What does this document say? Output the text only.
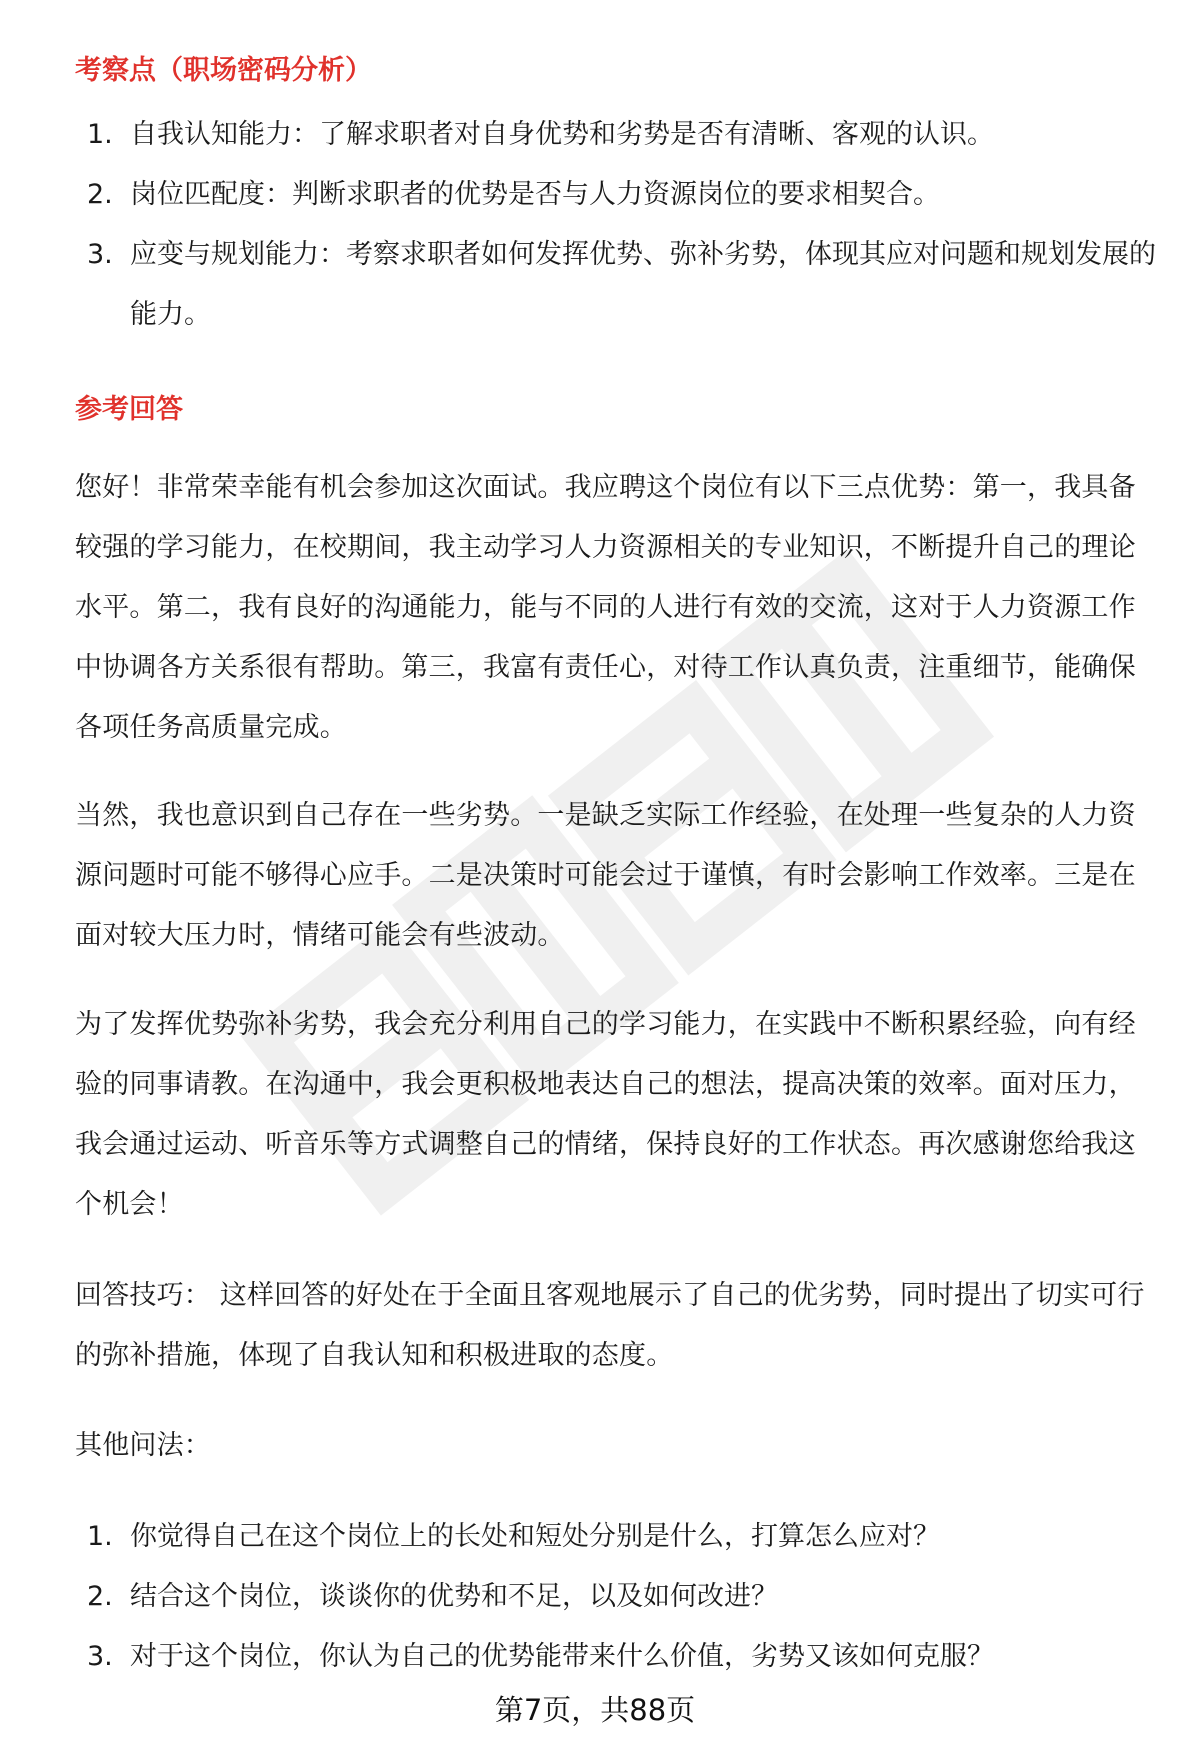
考察点（职场密码分析）
1. 自我认知能力：了解求职者对自身优势和劣势是否有清晰、客观的认识。
2. 岗位匹配度：判断求职者的优势是否与人力资源岗位的要求相契合。
3. 应变与规划能力：考察求职者如何发挥优势、弥补劣势，体现其应对问题和规划发展的能力。
参考回答

您好！非常荣幸能有机会参加这次面试。我应聘这个岗位有以下三点优势：第一，我具备较强的学习能力，在校期间，我主动学习人力资源相关的专业知识，不断提升自己的理论水平。第二，我有良好的沟通能力，能与不同的人进行有效的交流，这对于人力资源工作中协调各方关系很有帮助。第三，我富有责任心，对待工作认真负责，注重细节，能确保各项任务高质量完成。

当然，我也意识到自己存在一些劣势。一是缺乏实际工作经验，在处理一些复杂的人力资源问题时可能不够得心应手。二是决策时可能会过于谨慎，有时会影响工作效率。三是在面对较大压力时，情绪可能会有些波动。

为了发挥优势弥补劣势，我会充分利用自己的学习能力，在实践中不断积累经验，向有经验的同事请教。在沟通中，我会更积极地表达自己的想法，提高决策的效率。面对压力，我会通过运动、听音乐等方式调整自己的情绪，保持良好的工作状态。再次感谢您给我这个机会！

回答技巧： 这样回答的好处在于全面且客观地展示了自己的优劣势，同时提出了切实可行的弥补措施，体现了自我认知和积极进取的态度。

其他问法：

1. 你觉得自己在这个岗位上的长处和短处分别是什么，打算怎么应对？
2. 结合这个岗位，谈谈你的优势和不足，以及如何改进？
3. 对于这个岗位，你认为自己的优势能带来什么价值，劣势又该如何克服？
第7页，共88页
